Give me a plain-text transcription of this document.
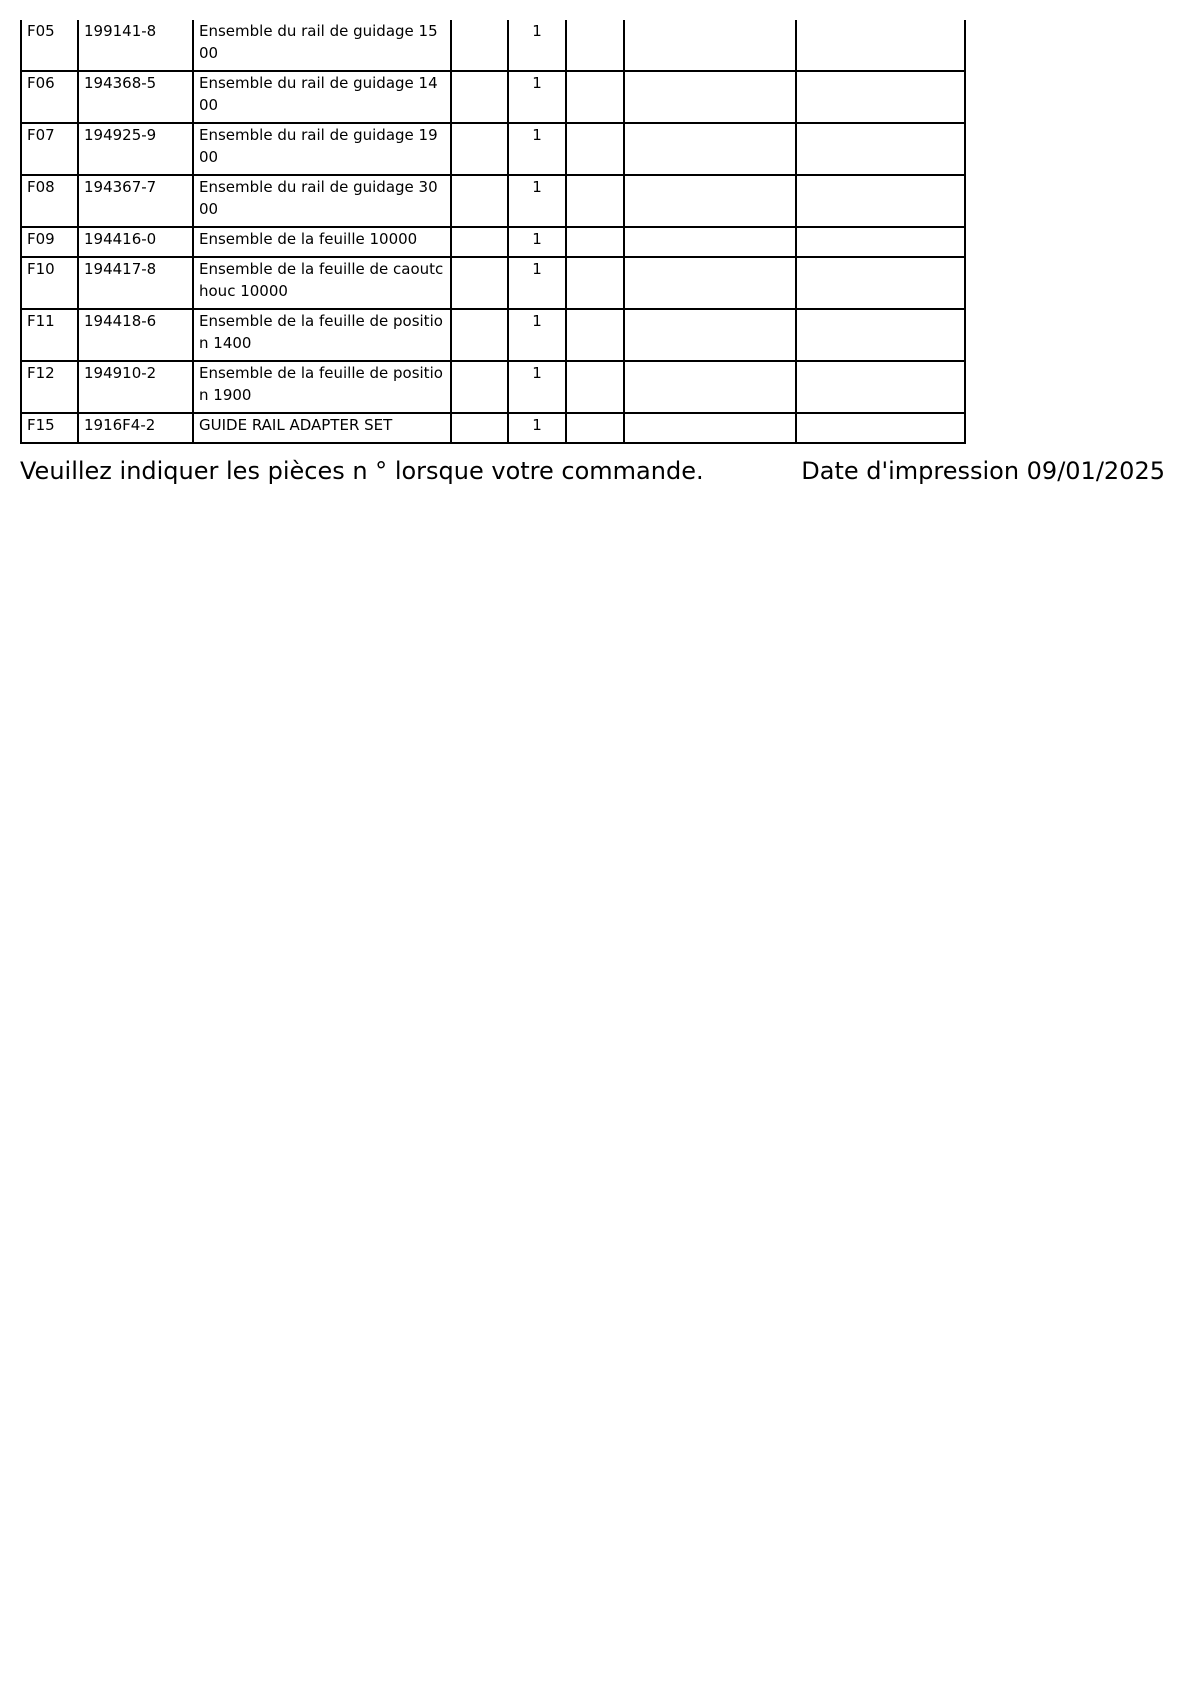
F05	199141-8	Ensemble du rail de guidage 1500		1			
F06	194368-5	Ensemble du rail de guidage 1400		1			
F07	194925-9	Ensemble du rail de guidage 1900		1			
F08	194367-7	Ensemble du rail de guidage 3000		1			
F09	194416-0	Ensemble de la feuille 10000		1			
F10	194417-8	Ensemble de la feuille de caoutchouc 10000		1			
F11	194418-6	Ensemble de la feuille de position 1400		1			
F12	194910-2	Ensemble de la feuille de position 1900		1			
F15	1916F4-2	GUIDE RAIL ADAPTER SET		1			
Veuillez indiquer les pièces n ° lorsque votre commande.	Date d'impression 09/01/2025
